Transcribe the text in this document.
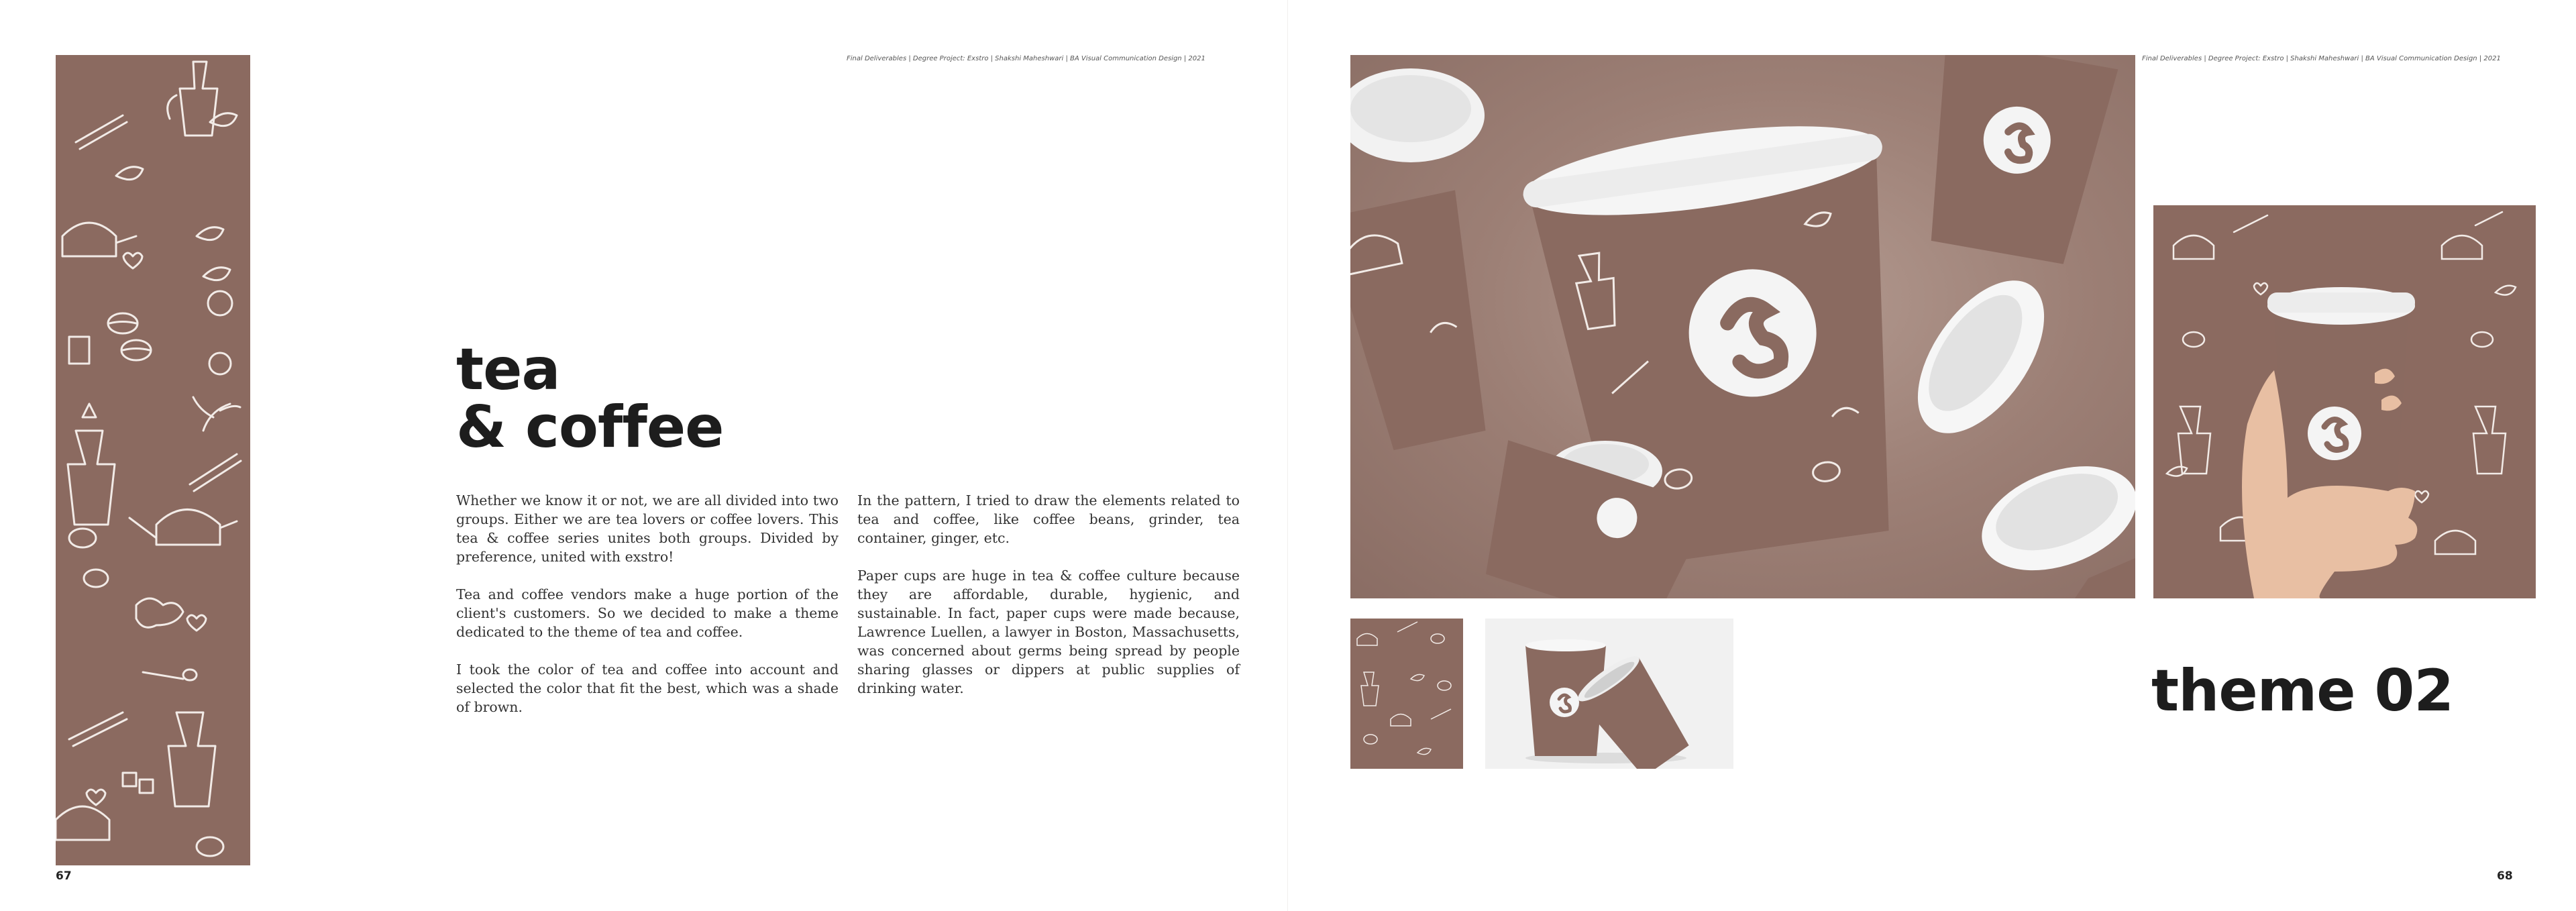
Final Deliverables | Degree Project: Exstro | Shakshi Maheshwari | BA Visual Communication Design | 2021
tea
& coffee

Whether we know it or not, we are all divided into two groups. Either we are tea lovers or coffee lovers. This tea & coffee series unites both groups. Divided by preference, united with exstro!

Tea and coffee vendors make a huge portion of the client's customers. So we decided to make a theme dedicated to the theme of tea and coffee.

I took the color of tea and coffee into account and selected the color that fit the best, which was a shade of brown.

In the pattern, I tried to draw the elements related to tea and coffee, like coffee beans, grinder, tea container, ginger, etc.

Paper cups are huge in tea & coffee culture because they are affordable, durable, hygienic, and sustainable. In fact, paper cups were made because, Lawrence Luellen, a lawyer in Boston, Massachusetts, was concerned about germs being spread by people sharing glasses or dippers at public supplies of drinking water.

67
Final Deliverables | Degree Project: Exstro | Shakshi Maheshwari | BA Visual Communication Design | 2021
68
theme 02
